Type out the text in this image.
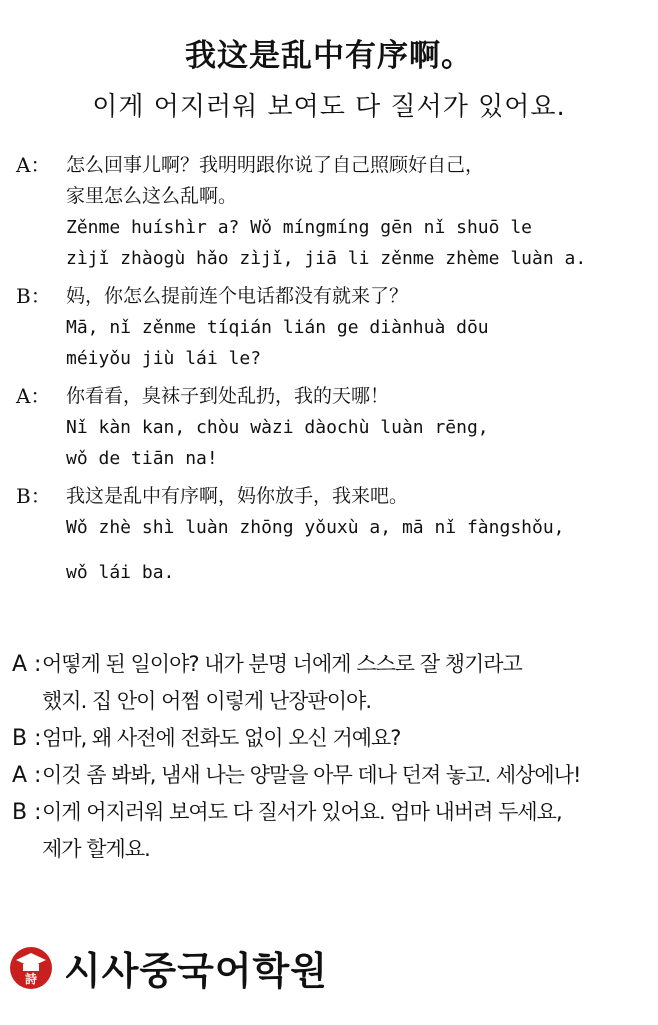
我这是乱中有序啊。
이게 어지러워 보여도 다 질서가 있어요.
A： 怎么回事儿啊？我明明跟你说了自己照顾好自己，
家里怎么这么乱啊。
Zěnme huíshìr a? Wǒ míngmíng gēn nǐ shuō le
zìjǐ zhàogù hǎo zìjǐ, jiā li zěnme zhème luàn a.
B： 妈，你怎么提前连个电话都没有就来了？
Mā, nǐ zěnme tíqián lián ge diànhuà dōu
méiyǒu jiù lái le?
A： 你看看，臭袜子到处乱扔，我的天哪！
Nǐ kàn kan, chòu wàzi dàochù luàn rēng,
wǒ de tiān na!
B： 我这是乱中有序啊，妈你放手，我来吧。
Wǒ zhè shì luàn zhōng yǒuxù a, mā nǐ fàngshǒu,
wǒ lái ba.
A : 어떻게 된 일이야? 내가 분명 너에게 스스로 잘 챙기라고
했지. 집 안이 어쩜 이렇게 난장판이야.
B : 엄마, 왜 사전에 전화도 없이 오신 거예요?
A : 이것 좀 봐봐, 냄새 나는 양말을 아무 데나 던져 놓고. 세상에나!
B : 이게 어지러워 보여도 다 질서가 있어요. 엄마 내버려 두세요,
제가 할게요.
詩 시사중국어학원
